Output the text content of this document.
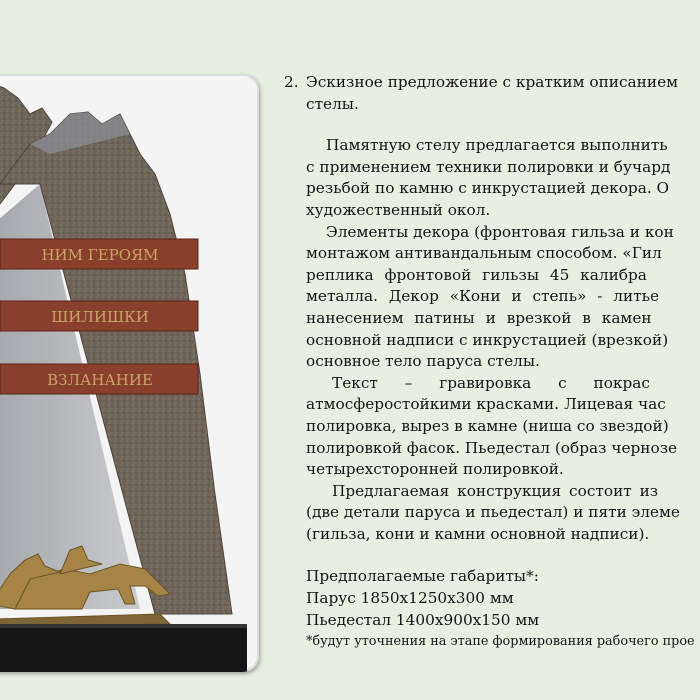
НИМ ГЕРОЯМ
ШИЛИШКИ
ВЗЛАНАНИЕ
2. Эскизное предложение с кратким описанием

стелы.

Памятную стелу предлагается выполнить

с применением техники полировки и бучард

резьбой по камню с инкрустацией декора. О

художественный окол.

Элементы декора (фронтовая гильза и кон

монтажом антивандальным способом. «Гил

реплика фронтовой гильзы 45 калибра

металла. Декор «Кони и степь» - литье

нанесением патины и врезкой в камен

основной надписи с инкрустацией (врезкой)

основное тело паруса стелы.

Текст – гравировка с покрас

атмосферостойкими красками. Лицевая час

полировка, вырез в камне (ниша со звездой)

полировкой фасок. Пьедестал (образ чернозе

четырехсторонней полировкой.

Предлагаемая конструкция состоит из

(две детали паруса и пьедестал) и пяти элеме

(гильза, кони и камни основной надписи).

Предполагаемые габариты*:

Парус 1850х1250х300 мм

Пьедестал 1400х900х150 мм

*будут уточнения на этапе формирования рабочего прое
